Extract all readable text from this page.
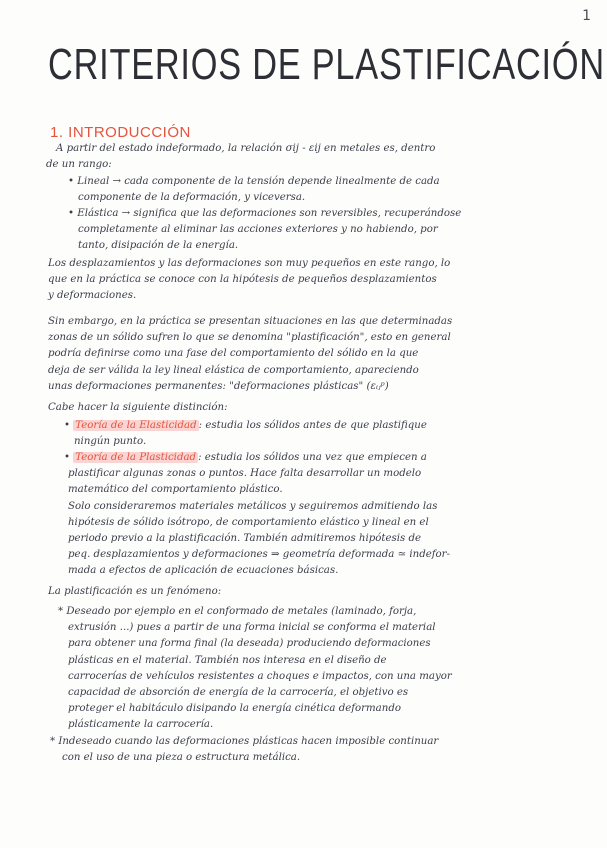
1
CRITERIOS DE PLASTIFICACIÓN
1. INTRODUCCIÓN
A partir del estado indeformado, la relación σij - εij en metales es, dentro
de un rango:
• Lineal → cada componente de la tensión depende linealmente de cada
componente de la deformación, y viceversa.
• Elástica → significa que las deformaciones son reversibles, recuperándose
completamente al eliminar las acciones exteriores y no habiendo, por
tanto, disipación de la energía.
Los desplazamientos y las deformaciones son muy pequeños en este rango, lo
que en la práctica se conoce con la hipótesis de pequeños desplazamientos
y deformaciones.
Sin embargo, en la práctica se presentan situaciones en las que determinadas
zonas de un sólido sufren lo que se denomina "plastificación", esto en general
podría definirse como una fase del comportamiento del sólido en la que
deja de ser válida la ley lineal elástica de comportamiento, apareciendo
unas deformaciones permanentes: "deformaciones plásticas" (εᵢⱼᵖ)
Cabe hacer la siguiente distinción:
• Teoría de la Elasticidad : estudia los sólidos antes de que plastifique
ningún punto.
• Teoría de la Plasticidad : estudia los sólidos una vez que empiecen a
plastificar algunas zonas o puntos. Hace falta desarrollar un modelo
matemático del comportamiento plástico.
Solo consideraremos materiales metálicos y seguiremos admitiendo las
hipótesis de sólido isótropo, de comportamiento elástico y lineal en el
periodo previo a la plastificación. También admitiremos hipótesis de
peq. desplazamientos y deformaciones ⇒ geometría deformada ≃ indefor-
mada a efectos de aplicación de ecuaciones básicas.
La plastificación es un fenómeno:
* Deseado por ejemplo en el conformado de metales (laminado, forja,
extrusión ...) pues a partir de una forma inicial se conforma el material
para obtener una forma final (la deseada) produciendo deformaciones
plásticas en el material. También nos interesa en el diseño de
carrocerías de vehículos resistentes a choques e impactos, con una mayor
capacidad de absorción de energía de la carrocería, el objetivo es
proteger el habitáculo disipando la energía cinética deformando
plásticamente la carrocería.
* Indeseado cuando las deformaciones plásticas hacen imposible continuar
con el uso de una pieza o estructura metálica.
